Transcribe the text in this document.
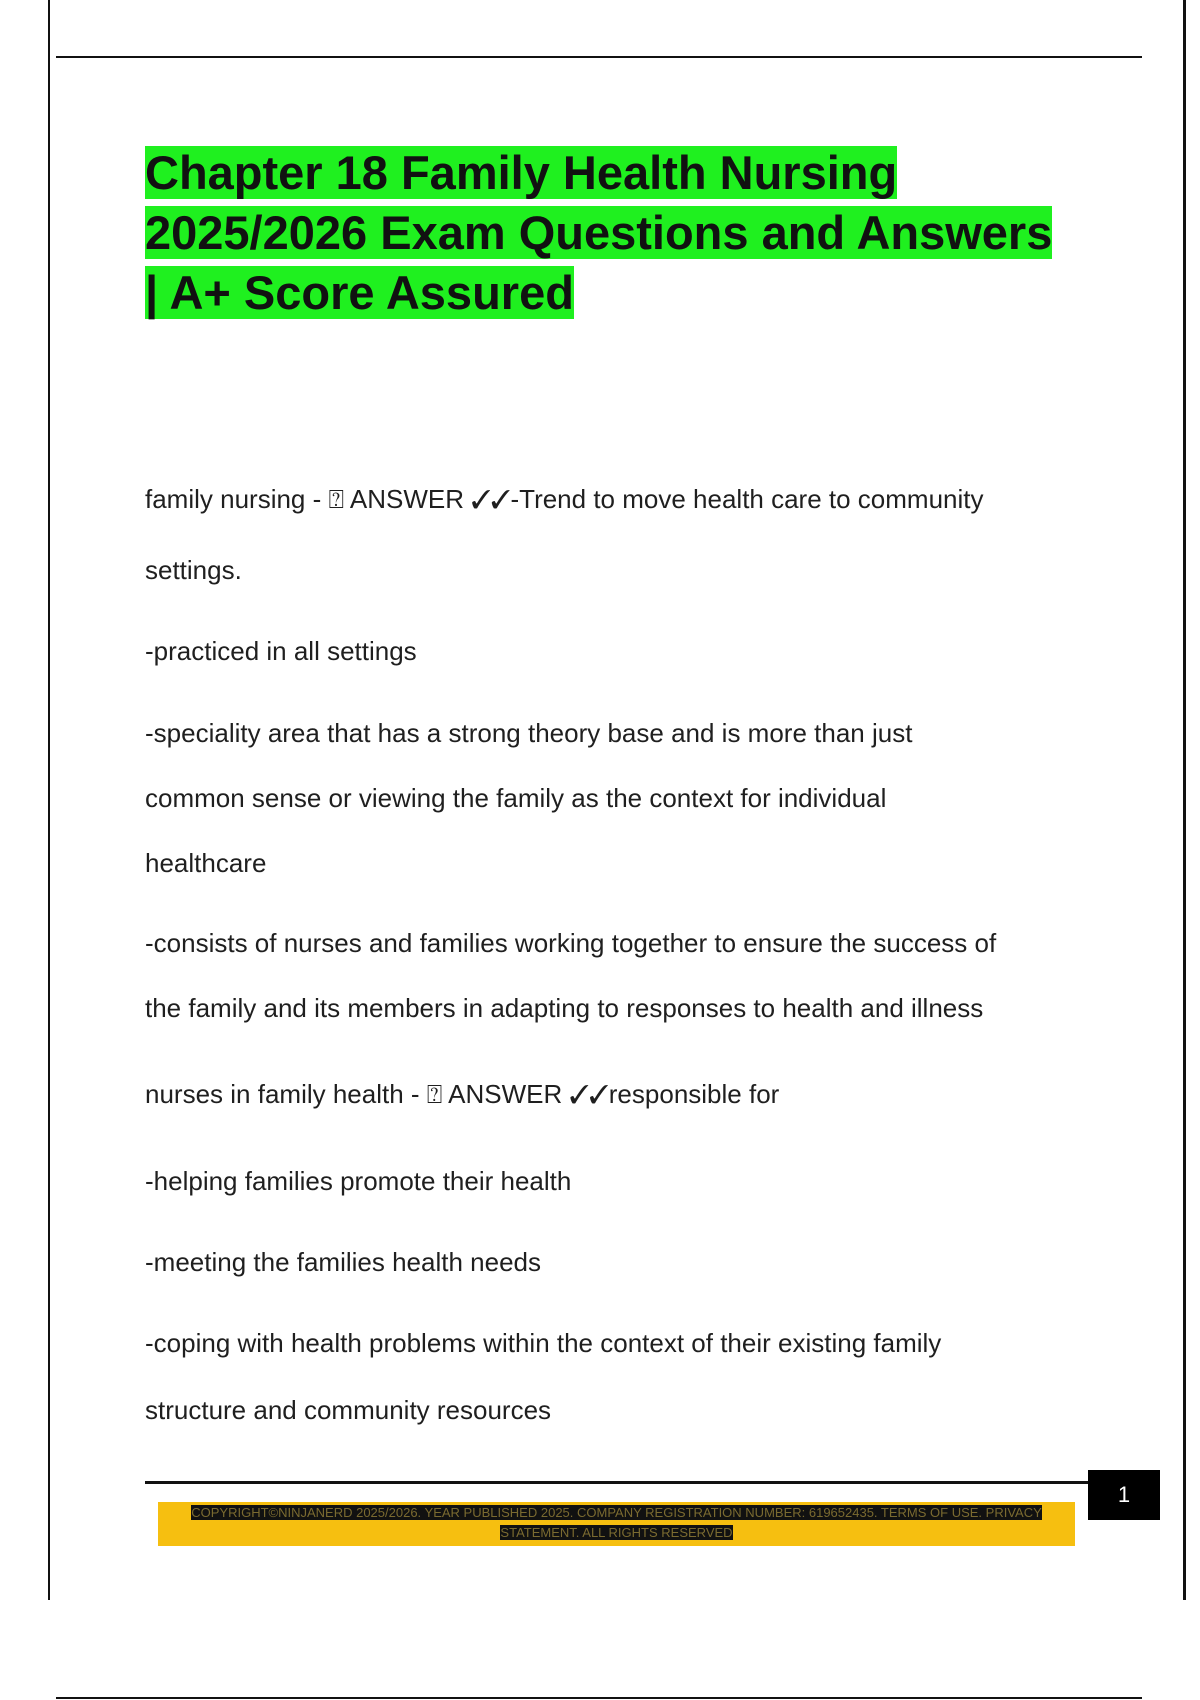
Chapter 18 Family Health Nursing
2025/2026 Exam Questions and Answers
| A+ Score Assured
family nursing - ⍰ ANSWER ✓✓-Trend to move health care to community
settings.
-practiced in all settings
-speciality area that has a strong theory base and is more than just
common sense or viewing the family as the context for individual
healthcare
-consists of nurses and families working together to ensure the success of
the family and its members in adapting to responses to health and illness
nurses in family health - ⍰ ANSWER ✓✓responsible for
-helping families promote their health
-meeting the families health needs
-coping with health problems within the context of their existing family
structure and community resources
1
COPYRIGHT©NINJANERD 2025/2026. YEAR PUBLISHED 2025. COMPANY REGISTRATION NUMBER: 619652435. TERMS OF USE. PRIVACY
STATEMENT. ALL RIGHTS RESERVED
